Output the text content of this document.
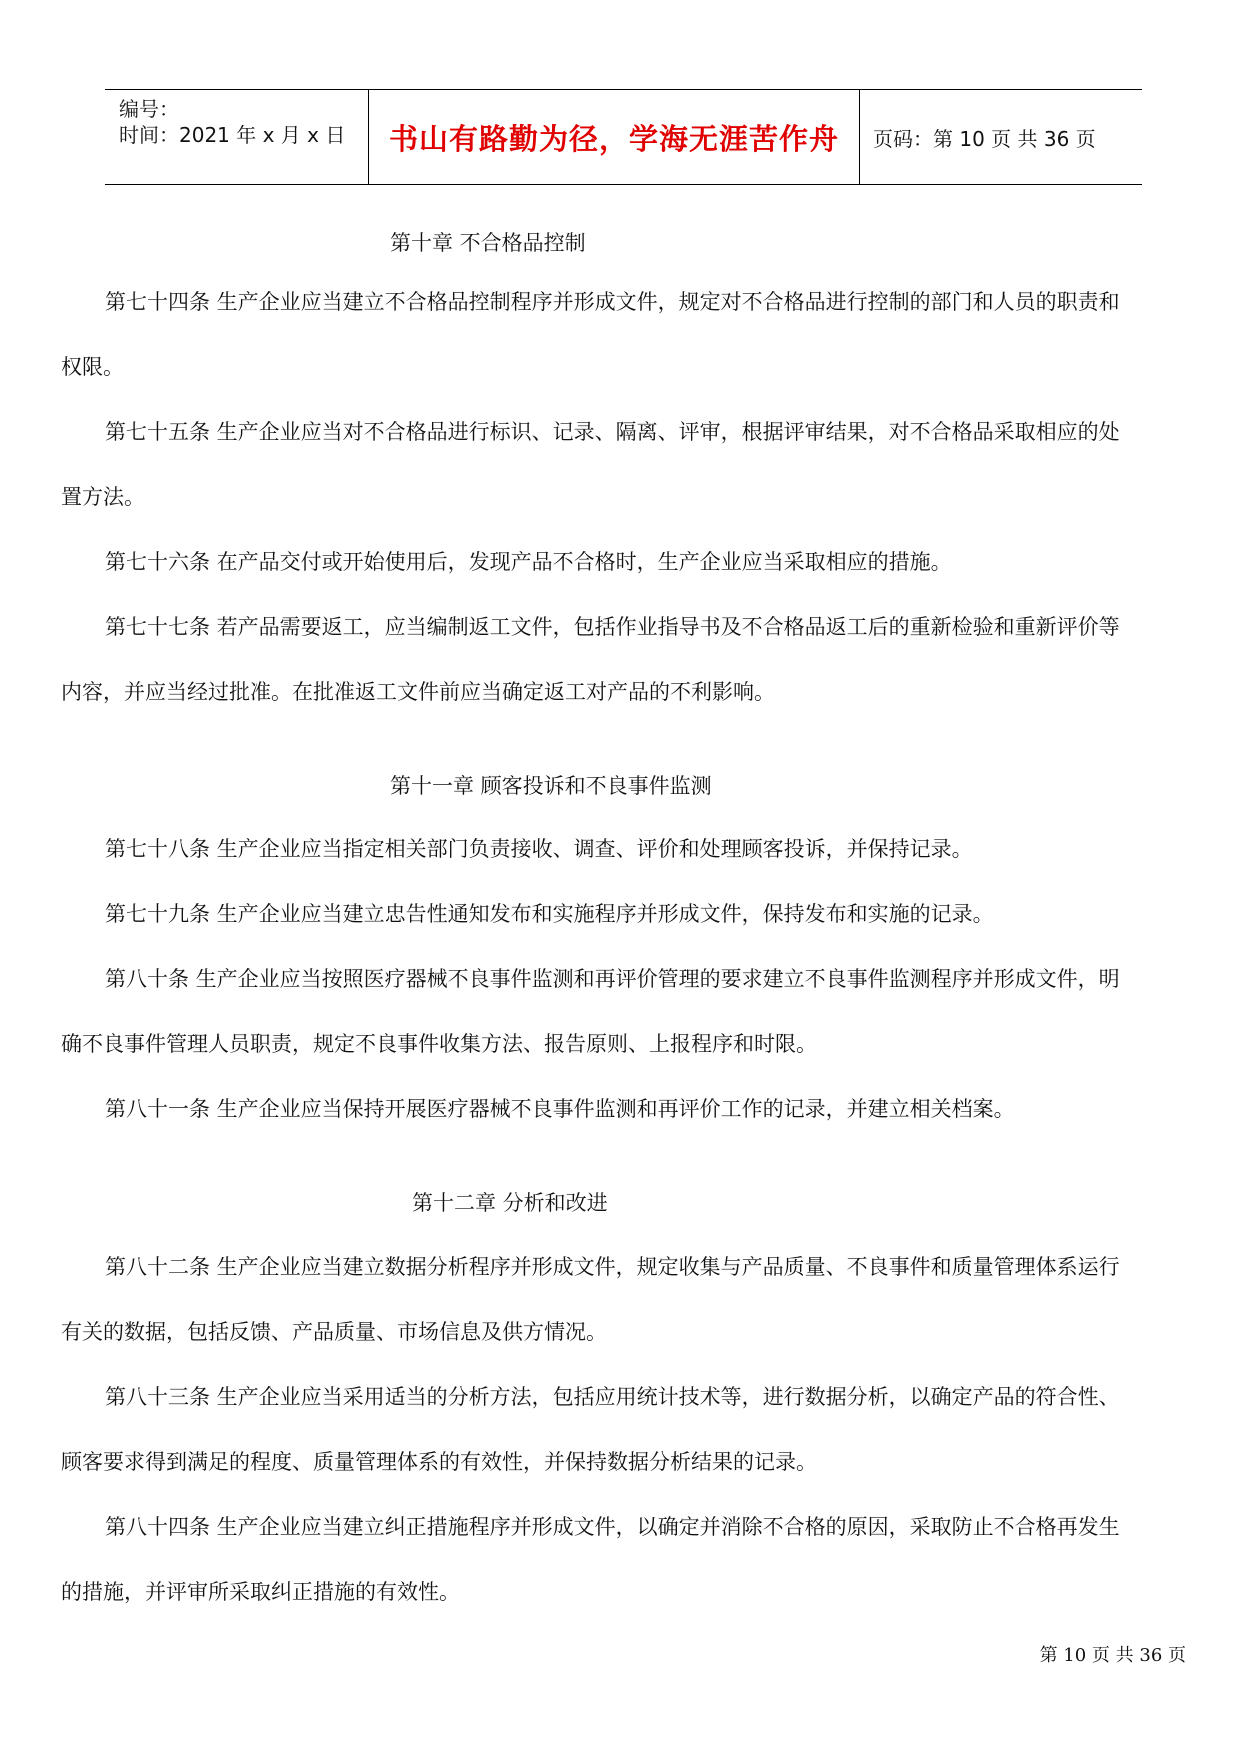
编号：
时间：2021 年 x 月 x 日	书山有路勤为径，学海无涯苦作舟	页码：第 10 页 共 36 页
第十章 不合格品控制
第七十四条 生产企业应当建立不合格品控制程序并形成文件，规定对不合格品进行控制的部门和人员的职责和
权限。
第七十五条 生产企业应当对不合格品进行标识、记录、隔离、评审，根据评审结果，对不合格品采取相应的处
置方法。
第七十六条 在产品交付或开始使用后，发现产品不合格时，生产企业应当采取相应的措施。
第七十七条 若产品需要返工，应当编制返工文件，包括作业指导书及不合格品返工后的重新检验和重新评价等
内容，并应当经过批准。在批准返工文件前应当确定返工对产品的不利影响。
第十一章 顾客投诉和不良事件监测
第七十八条 生产企业应当指定相关部门负责接收、调查、评价和处理顾客投诉，并保持记录。
第七十九条 生产企业应当建立忠告性通知发布和实施程序并形成文件，保持发布和实施的记录。
第八十条 生产企业应当按照医疗器械不良事件监测和再评价管理的要求建立不良事件监测程序并形成文件，明
确不良事件管理人员职责，规定不良事件收集方法、报告原则、上报程序和时限。
第八十一条 生产企业应当保持开展医疗器械不良事件监测和再评价工作的记录，并建立相关档案。
第十二章 分析和改进
第八十二条 生产企业应当建立数据分析程序并形成文件，规定收集与产品质量、不良事件和质量管理体系运行
有关的数据，包括反馈、产品质量、市场信息及供方情况。
第八十三条 生产企业应当采用适当的分析方法，包括应用统计技术等，进行数据分析，以确定产品的符合性、
顾客要求得到满足的程度、质量管理体系的有效性，并保持数据分析结果的记录。
第八十四条 生产企业应当建立纠正措施程序并形成文件，以确定并消除不合格的原因，采取防止不合格再发生
的措施，并评审所采取纠正措施的有效性。
第 10 页 共 36 页
